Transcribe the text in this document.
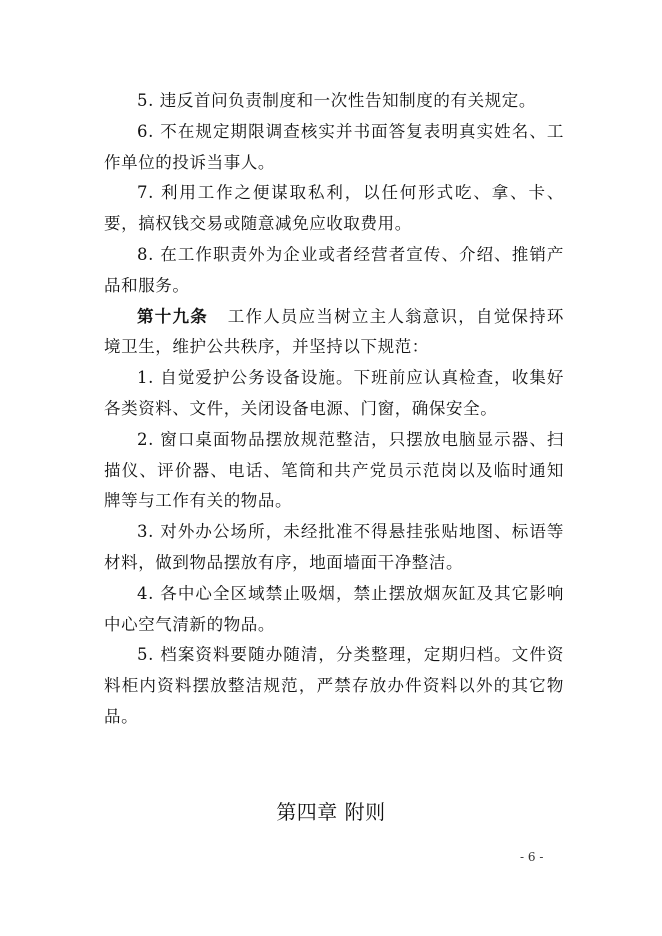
5. 违反首问负责制度和一次性告知制度的有关规定。

6. 不在规定期限调查核实并书面答复表明真实姓名、工作单位的投诉当事人。

7. 利用工作之便谋取私利，以任何形式吃、拿、卡、要，搞权钱交易或随意减免应收取费用。

8. 在工作职责外为企业或者经营者宣传、介绍、推销产品和服务。

第十九条 工作人员应当树立主人翁意识，自觉保持环境卫生，维护公共秩序，并坚持以下规范：

1. 自觉爱护公务设备设施。下班前应认真检查，收集好各类资料、文件，关闭设备电源、门窗，确保安全。

2. 窗口桌面物品摆放规范整洁，只摆放电脑显示器、扫描仪、评价器、电话、笔筒和共产党员示范岗以及临时通知牌等与工作有关的物品。

3. 对外办公场所，未经批准不得悬挂张贴地图、标语等材料，做到物品摆放有序，地面墙面干净整洁。

4. 各中心全区域禁止吸烟，禁止摆放烟灰缸及其它影响中心空气清新的物品。

5. 档案资料要随办随清，分类整理，定期归档。文件资料柜内资料摆放整洁规范，严禁存放办件资料以外的其它物品。

第四章 附则
- 6 -
